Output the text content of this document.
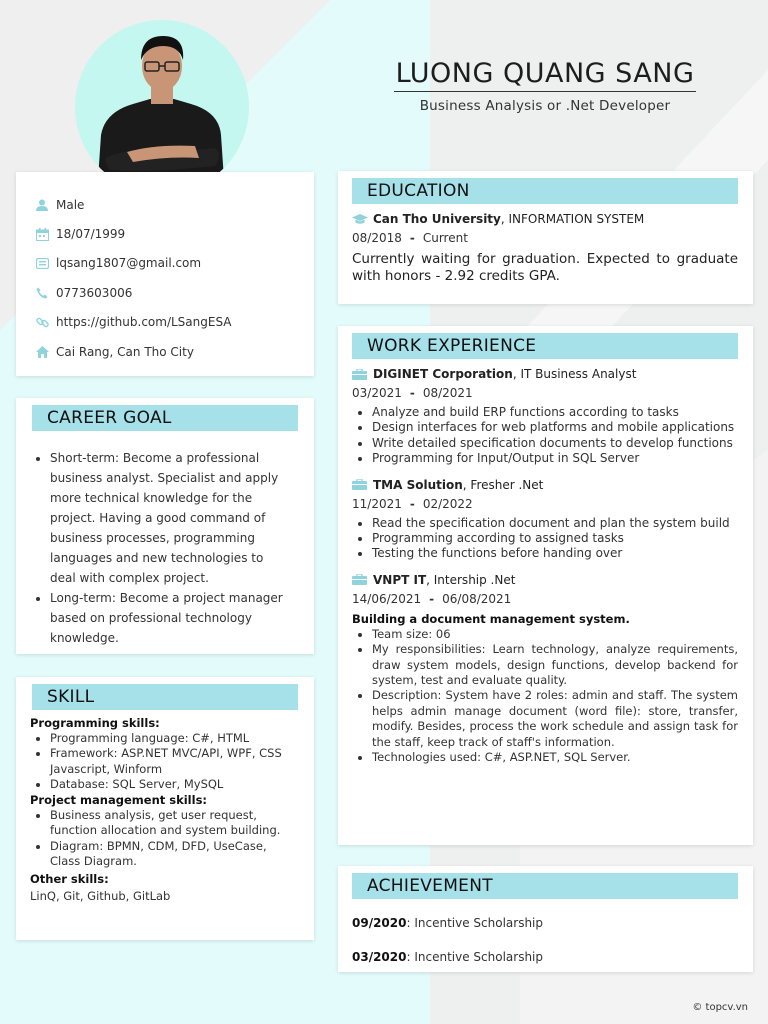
LUONG QUANG SANG
Business Analysis or .Net Developer
Male
18/07/1999
lqsang1807@gmail.com
0773603006
https://github.com/LSangESA
Cai Rang, Can Tho City
CAREER GOAL
• Short-term: Become a professional business analyst. Specialist and apply more technical knowledge for the project. Having a good command of business processes, programming languages and new technologies to deal with complex project.
• Long-term: Become a project manager based on professional technology knowledge.
SKILL
Programming skills:
• Programming language: C#, HTML
• Framework: ASP.NET MVC/API, WPF, CSS Javascript, Winform
• Database: SQL Server, MySQL
Project management skills:
• Business analysis, get user request, function allocation and system building.
• Diagram: BPMN, CDM, DFD, UseCase, Class Diagram.
Other skills:
LinQ, Git, Github, GitLab
EDUCATION
Can Tho University , INFORMATION SYSTEM
08/2018 - Current
Currently waiting for graduation. Expected to graduate with honors - 2.92 credits GPA.
WORK EXPERIENCE
DIGINET Corporation , IT Business Analyst
03/2021 - 08/2021
• Analyze and build ERP functions according to tasks
• Design interfaces for web platforms and mobile applications
• Write detailed specification documents to develop functions
• Programming for Input/Output in SQL Server
TMA Solution , Fresher .Net
11/2021 - 02/2022
• Read the specification document and plan the system build
• Programming according to assigned tasks
• Testing the functions before handing over
VNPT IT , Intership .Net
14/06/2021 - 06/08/2021
Building a document management system.
• Team size: 06
• My responsibilities: Learn technology, analyze requirements, draw system models, design functions, develop backend for system, test and evaluate quality.
• Description: System have 2 roles: admin and staff. The system helps admin manage document (word file): store, transfer, modify. Besides, process the work schedule and assign task for the staff, keep track of staff's information.
• Technologies used: C#, ASP.NET, SQL Server.
ACHIEVEMENT
09/2020: Incentive Scholarship
03/2020: Incentive Scholarship
© topcv.vn
